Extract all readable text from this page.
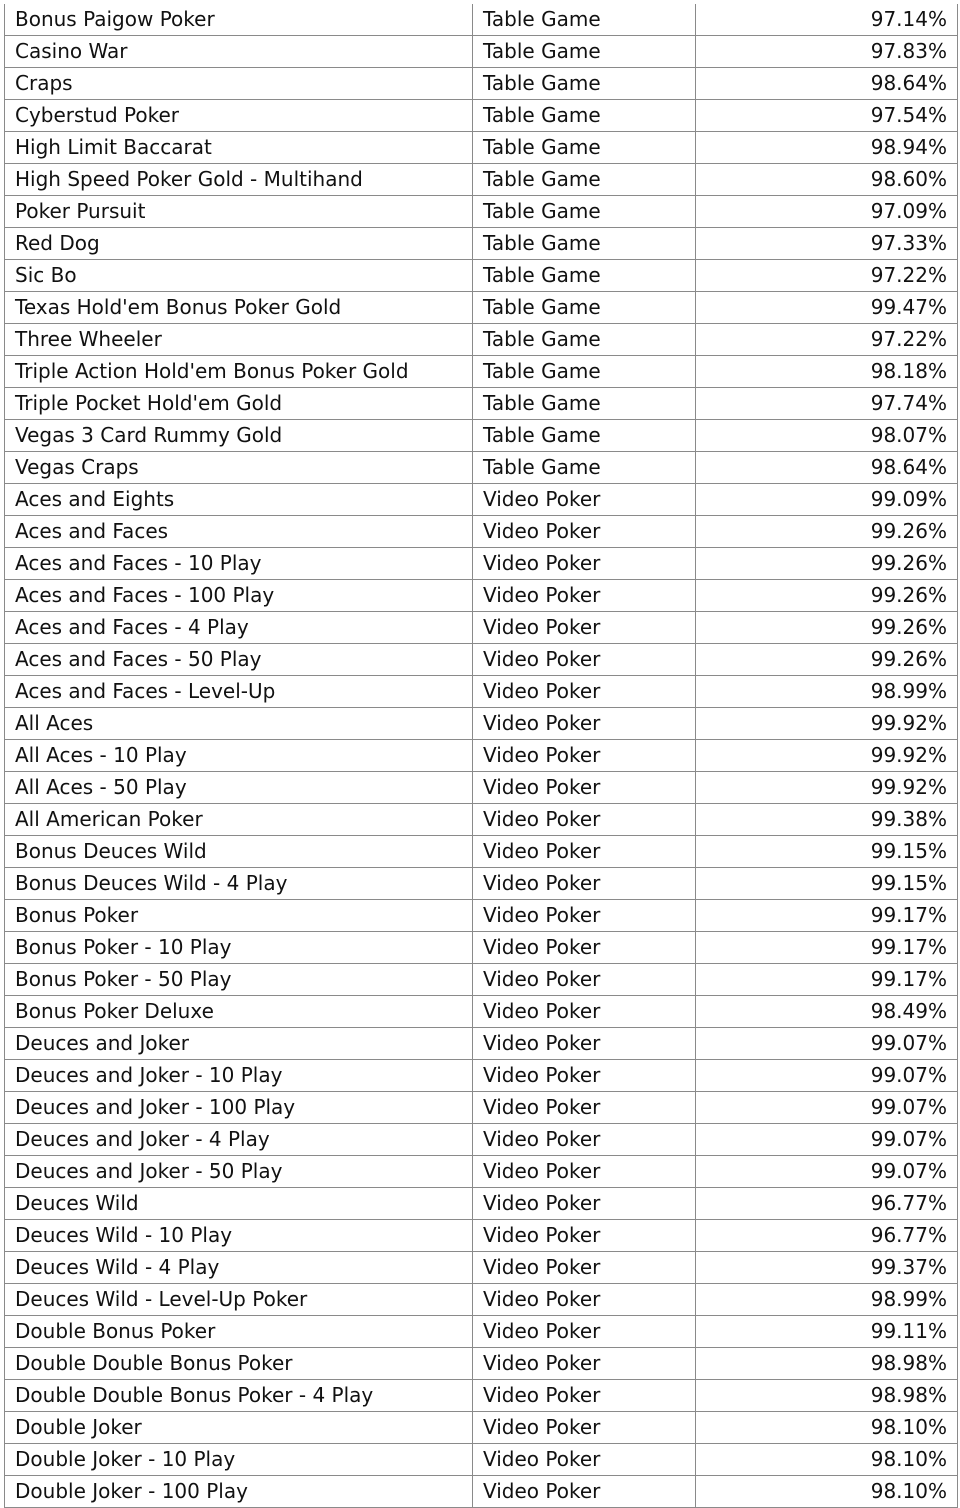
Bonus Paigow Poker	Table Game	97.14%
Casino War	Table Game	97.83%
Craps	Table Game	98.64%
Cyberstud Poker	Table Game	97.54%
High Limit Baccarat	Table Game	98.94%
High Speed Poker Gold - Multihand	Table Game	98.60%
Poker Pursuit	Table Game	97.09%
Red Dog	Table Game	97.33%
Sic Bo	Table Game	97.22%
Texas Hold'em Bonus Poker Gold	Table Game	99.47%
Three Wheeler	Table Game	97.22%
Triple Action Hold'em Bonus Poker Gold	Table Game	98.18%
Triple Pocket Hold'em Gold	Table Game	97.74%
Vegas 3 Card Rummy Gold	Table Game	98.07%
Vegas Craps	Table Game	98.64%
Aces and Eights	Video Poker	99.09%
Aces and Faces	Video Poker	99.26%
Aces and Faces - 10 Play	Video Poker	99.26%
Aces and Faces - 100 Play	Video Poker	99.26%
Aces and Faces - 4 Play	Video Poker	99.26%
Aces and Faces - 50 Play	Video Poker	99.26%
Aces and Faces - Level-Up	Video Poker	98.99%
All Aces	Video Poker	99.92%
All Aces - 10 Play	Video Poker	99.92%
All Aces - 50 Play	Video Poker	99.92%
All American Poker	Video Poker	99.38%
Bonus Deuces Wild	Video Poker	99.15%
Bonus Deuces Wild - 4 Play	Video Poker	99.15%
Bonus Poker	Video Poker	99.17%
Bonus Poker - 10 Play	Video Poker	99.17%
Bonus Poker - 50 Play	Video Poker	99.17%
Bonus Poker Deluxe	Video Poker	98.49%
Deuces and Joker	Video Poker	99.07%
Deuces and Joker - 10 Play	Video Poker	99.07%
Deuces and Joker - 100 Play	Video Poker	99.07%
Deuces and Joker - 4 Play	Video Poker	99.07%
Deuces and Joker - 50 Play	Video Poker	99.07%
Deuces Wild	Video Poker	96.77%
Deuces Wild - 10 Play	Video Poker	96.77%
Deuces Wild - 4 Play	Video Poker	99.37%
Deuces Wild - Level-Up Poker	Video Poker	98.99%
Double Bonus Poker	Video Poker	99.11%
Double Double Bonus Poker	Video Poker	98.98%
Double Double Bonus Poker - 4 Play	Video Poker	98.98%
Double Joker	Video Poker	98.10%
Double Joker - 10 Play	Video Poker	98.10%
Double Joker - 100 Play	Video Poker	98.10%
